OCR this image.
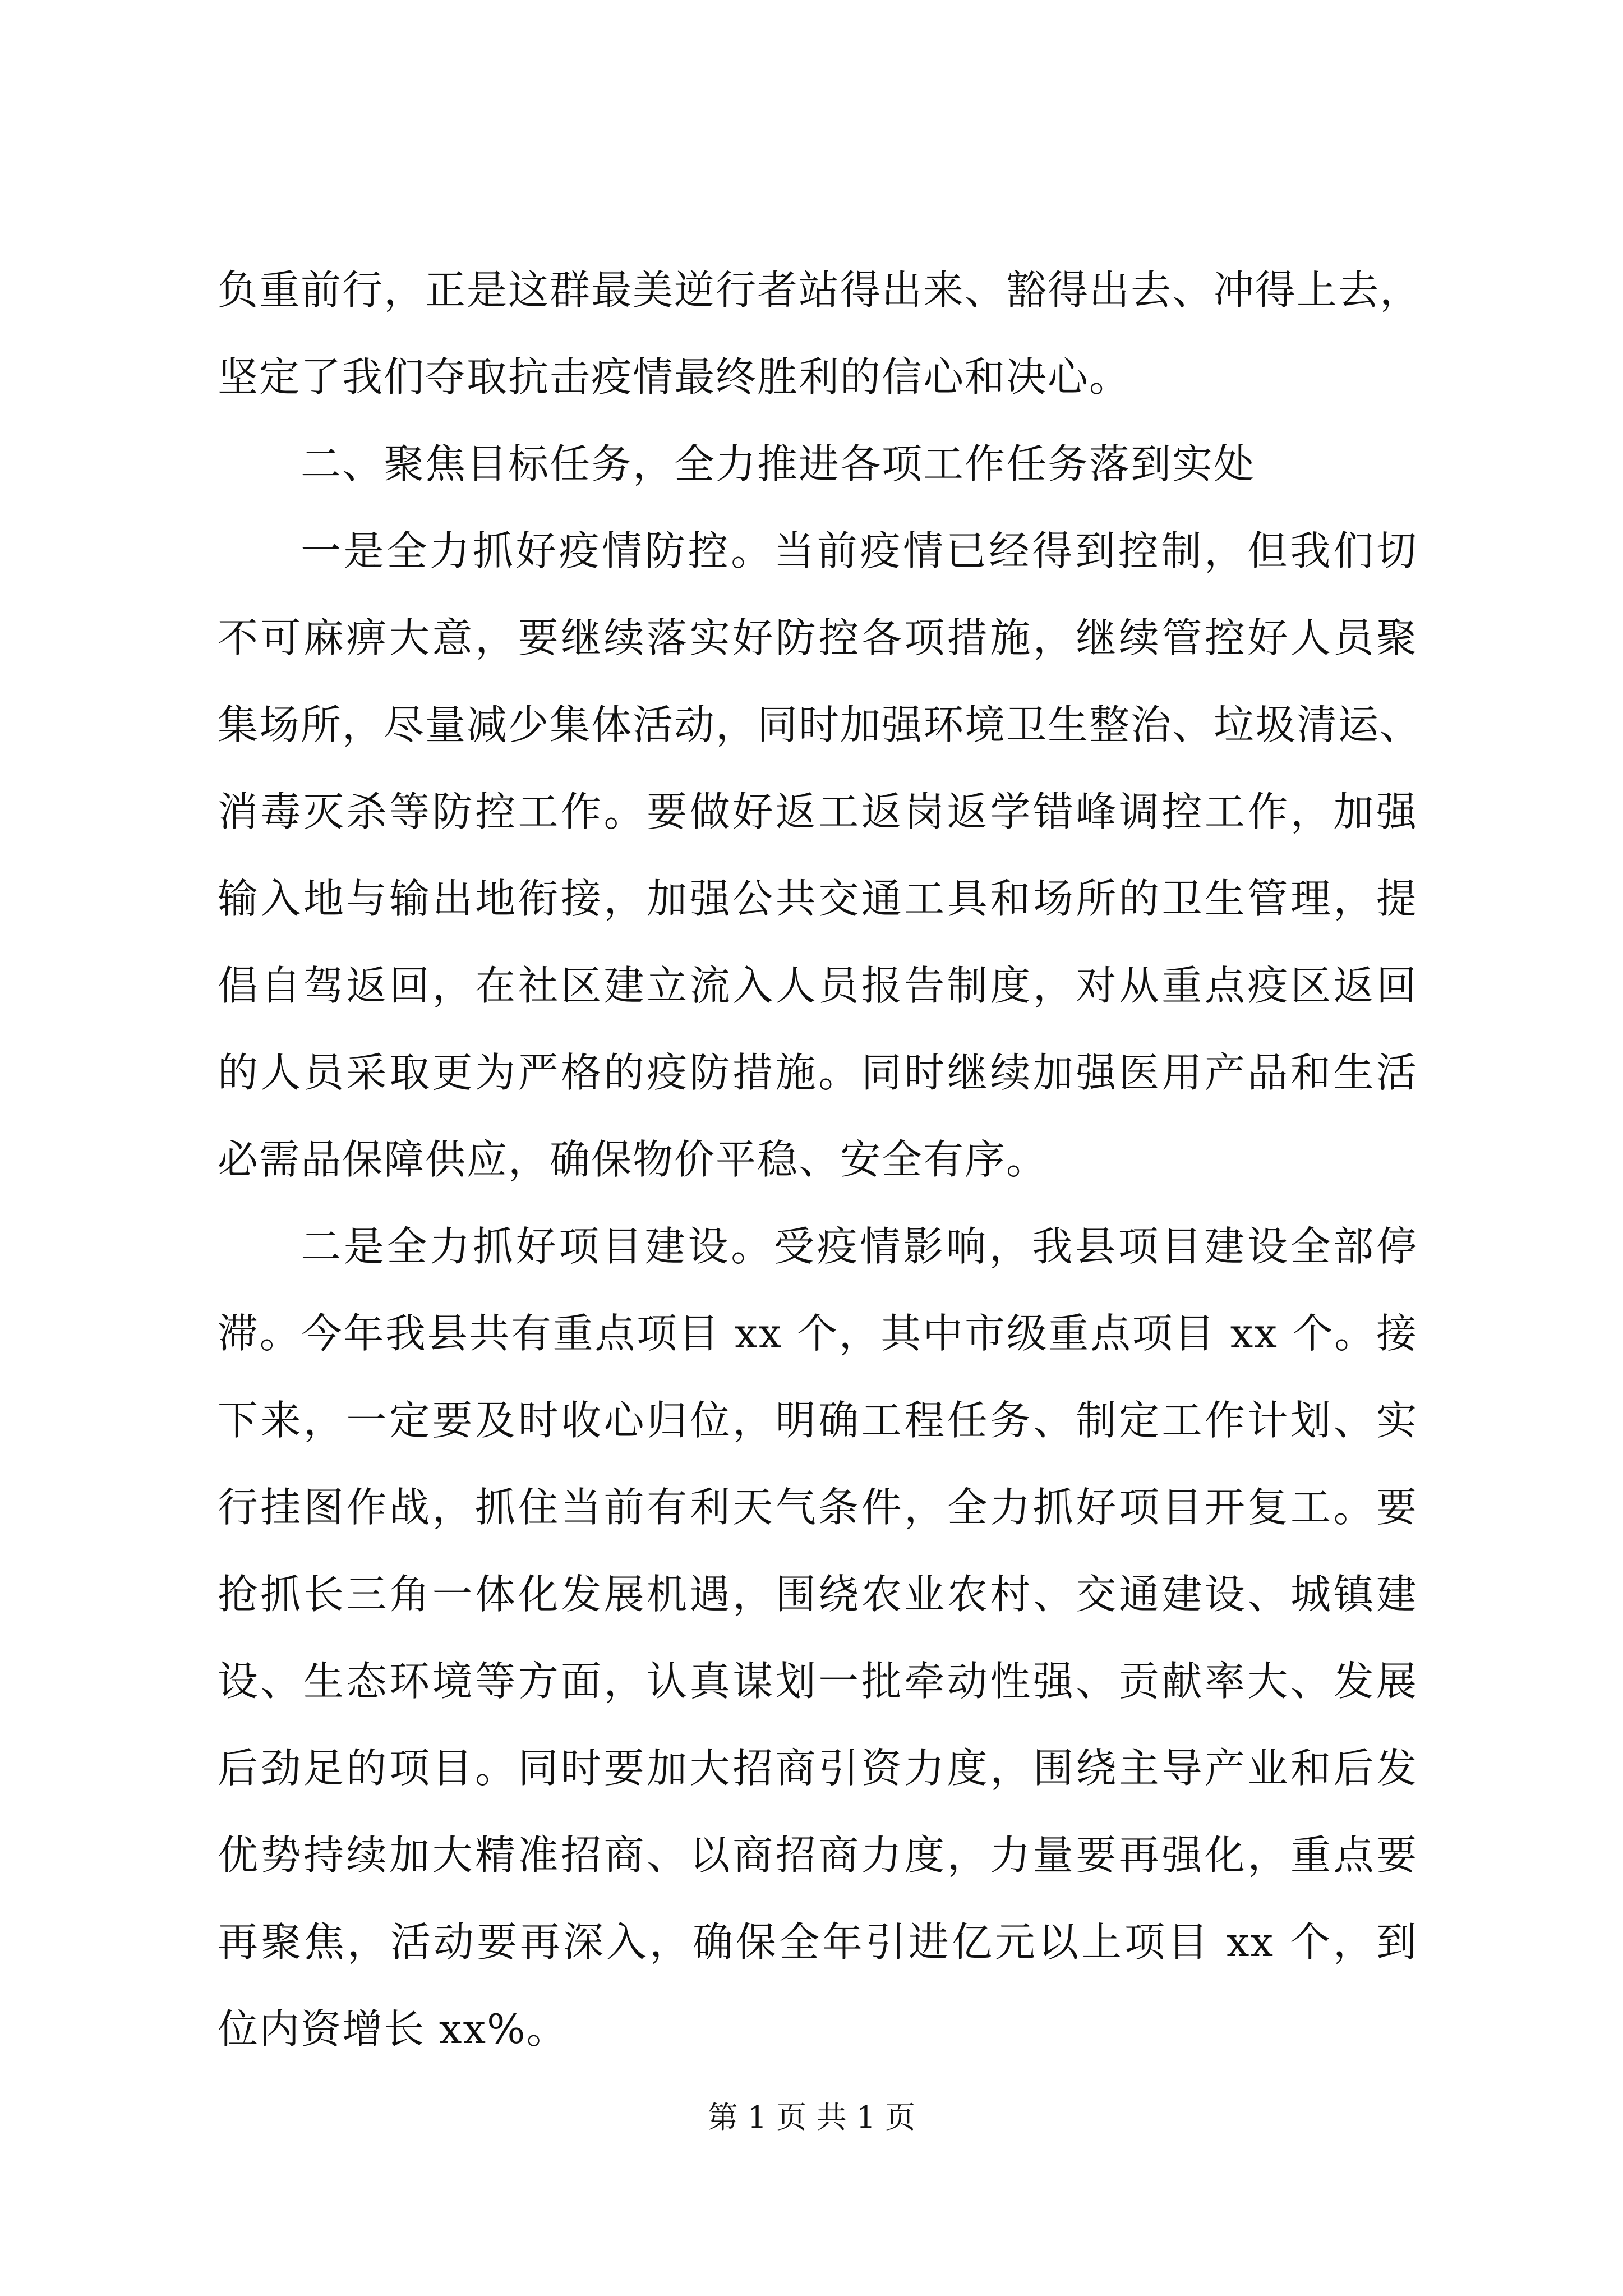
负重前行，正是这群最美逆行者站得出来、豁得出去、冲得上去，
坚定了我们夺取抗击疫情最终胜利的信心和决心。
二、聚焦目标任务，全力推进各项工作任务落到实处
一是全力抓好疫情防控。当前疫情已经得到控制，但我们切
不可麻痹大意，要继续落实好防控各项措施，继续管控好人员聚
集场所，尽量减少集体活动，同时加强环境卫生整治、垃圾清运、
消毒灭杀等防控工作。要做好返工返岗返学错峰调控工作，加强
输入地与输出地衔接，加强公共交通工具和场所的卫生管理，提
倡自驾返回，在社区建立流入人员报告制度，对从重点疫区返回
的人员采取更为严格的疫防措施。同时继续加强医用产品和生活
必需品保障供应，确保物价平稳、安全有序。
二是全力抓好项目建设。受疫情影响，我县项目建设全部停
滞。今年我县共有重点项目 xx 个，其中市级重点项目 xx 个。接
下来，一定要及时收心归位，明确工程任务、制定工作计划、实
行挂图作战，抓住当前有利天气条件，全力抓好项目开复工。要
抢抓长三角一体化发展机遇，围绕农业农村、交通建设、城镇建
设、生态环境等方面，认真谋划一批牵动性强、贡献率大、发展
后劲足的项目。同时要加大招商引资力度，围绕主导产业和后发
优势持续加大精准招商、以商招商力度，力量要再强化，重点要
再聚焦，活动要再深入，确保全年引进亿元以上项目 xx 个，到
位内资增长 xx%。
第 1 页 共 1 页
